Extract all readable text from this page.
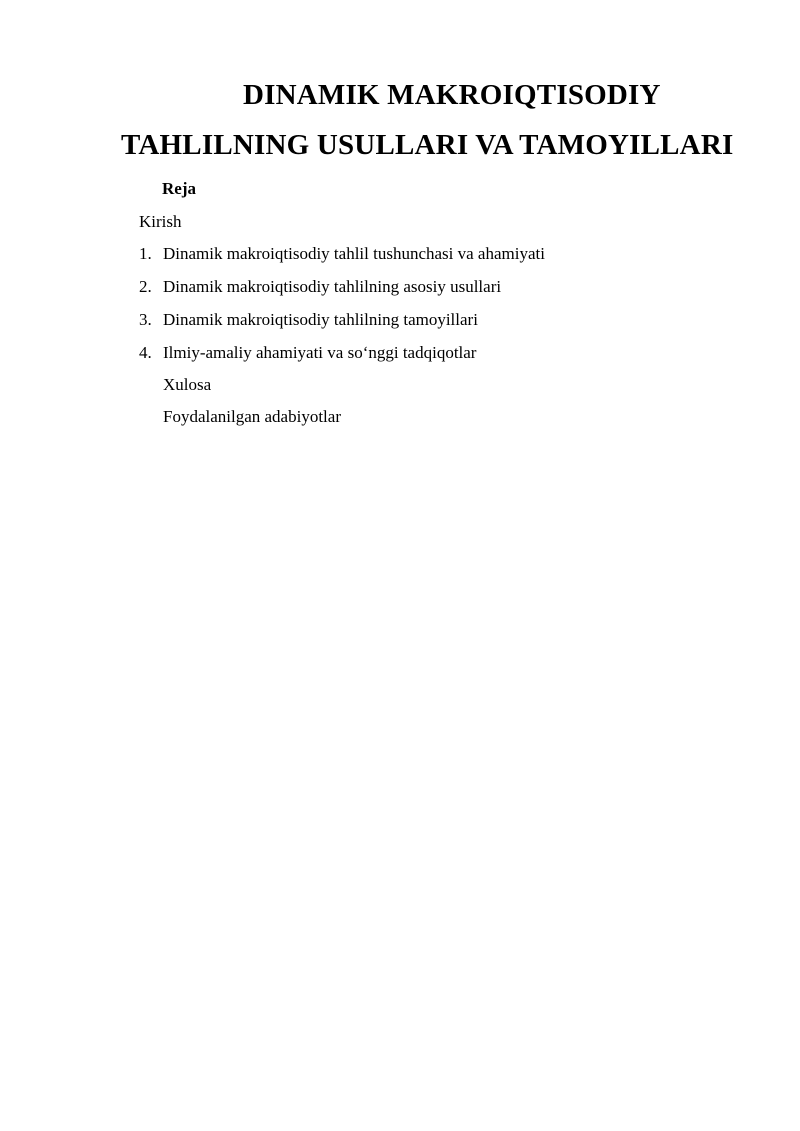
DINAMIK MAKROIQTISODIY
TAHLILNING USULLARI VA TAMOYILLARI
Reja
Kirish
1. Dinamik makroiqtisodiy tahlil tushunchasi va ahamiyati
2. Dinamik makroiqtisodiy tahlilning asosiy usullari
3. Dinamik makroiqtisodiy tahlilning tamoyillari
4. Ilmiy-amaliy ahamiyati va so‘nggi tadqiqotlar
Xulosa
Foydalanilgan adabiyotlar
